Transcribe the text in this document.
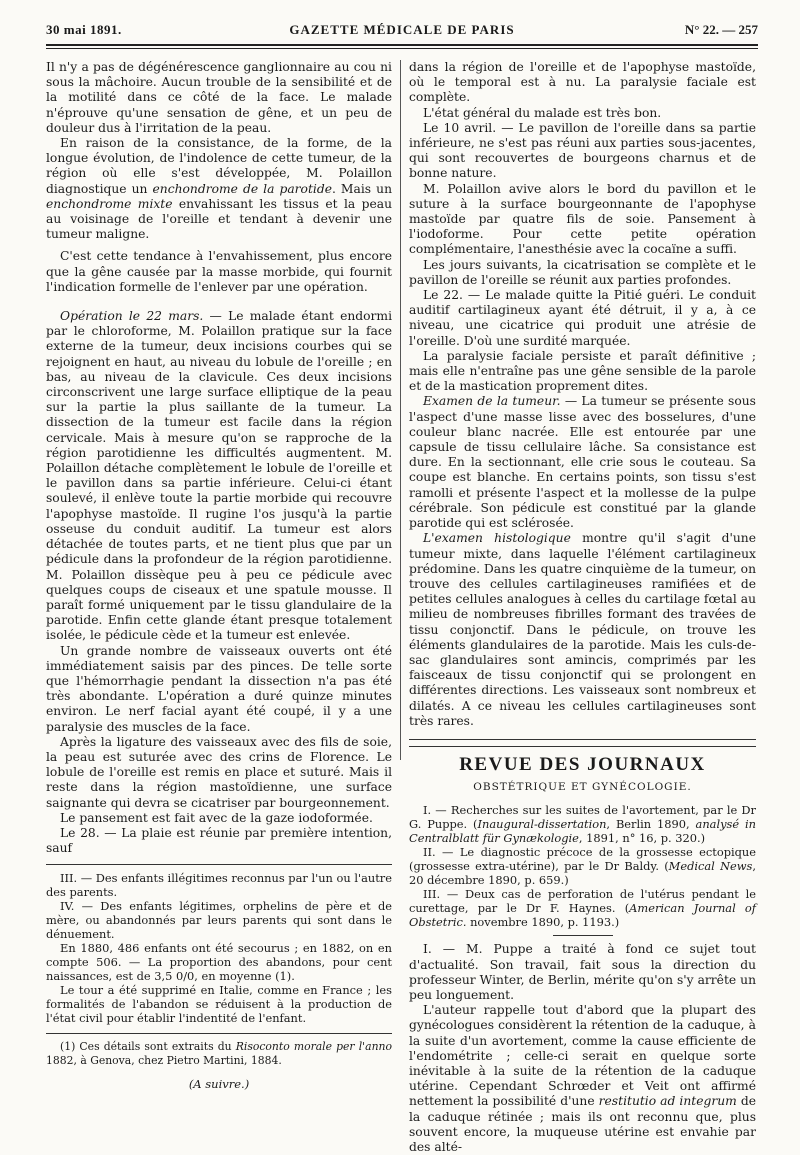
30 mai 1891.	GAZETTE MÉDICALE DE PARIS	N° 22. — 257

Il n'y a pas de dégénérescence ganglionnaire au cou ni sous la mâchoire. Aucun trouble de la sensibilité et de la motilité dans ce côté de la face. Le malade n'éprouve qu'une sensation de gêne, et un peu de douleur dus à l'irritation de la peau.

En raison de la consistance, de la forme, de la longue évolution, de l'indolence de cette tumeur, de la région où elle s'est développée, M. Polaillon diagnostique un enchondrome de la parotide. Mais un enchondrome mixte envahissant les tissus et la peau au voisinage de l'oreille et tendant à devenir une tumeur maligne.

C'est cette tendance à l'envahissement, plus encore que la gêne causée par la masse morbide, qui fournit l'indication formelle de l'enlever par une opération.

Opération le 22 mars. — Le malade étant endormi par le chloroforme, M. Polaillon pratique sur la face externe de la tumeur, deux incisions courbes qui se rejoignent en haut, au niveau du lobule de l'oreille ; en bas, au niveau de la clavicule. Ces deux incisions circonscrivent une large surface elliptique de la peau sur la partie la plus saillante de la tumeur. La dissection de la tumeur est facile dans la région cervicale. Mais à mesure qu'on se rapproche de la région parotidienne les difficultés augmentent. M. Polaillon détache complètement le lobule de l'oreille et le pavillon dans sa partie inférieure. Celui-ci étant soulevé, il enlève toute la partie morbide qui recouvre l'apophyse mastoïde. Il rugine l'os jusqu'à la partie osseuse du conduit auditif. La tumeur est alors détachée de toutes parts, et ne tient plus que par un pédicule dans la profondeur de la région parotidienne. M. Polaillon dissèque peu à peu ce pédicule avec quelques coups de ciseaux et une spatule mousse. Il paraît formé uniquement par le tissu glandulaire de la parotide. Enfin cette glande étant presque totalement isolée, le pédicule cède et la tumeur est enlevée.

Un grande nombre de vaisseaux ouverts ont été immédiatement saisis par des pinces. De telle sorte que l'hémorrhagie pendant la dissection n'a pas été très abondante. L'opération a duré quinze minutes environ. Le nerf facial ayant été coupé, il y a une paralysie des muscles de la face.

Après la ligature des vaisseaux avec des fils de soie, la peau est suturée avec des crins de Florence. Le lobule de l'oreille est remis en place et suturé. Mais il reste dans la région mastoïdienne, une surface saignante qui devra se cicatriser par bourgeonnement.

Le pansement est fait avec de la gaze iodoformée.

Le 28. — La plaie est réunie par première intention, sauf

III. — Des enfants illégitimes reconnus par l'un ou l'autre des parents.

IV. — Des enfants légitimes, orphelins de père et de mère, ou abandonnés par leurs parents qui sont dans le dénuement.

En 1880, 486 enfants ont été secourus ; en 1882, on en compte 506. — La proportion des abandons, pour cent naissances, est de 3,5 0/0, en moyenne (1).

Le tour a été supprimé en Italie, comme en France ; les formalités de l'abandon se réduisent à la production de l'état civil pour établir l'indentité de l'enfant.

(1) Ces détails sont extraits du Risoconto morale per l'anno 1882, à Genova, chez Pietro Martini, 1884.

(A suivre.)

dans la région de l'oreille et de l'apophyse mastoïde, où le temporal est à nu. La paralysie faciale est complète.

L'état général du malade est très bon.

Le 10 avril. — Le pavillon de l'oreille dans sa partie inférieure, ne s'est pas réuni aux parties sous-jacentes, qui sont recouvertes de bourgeons charnus et de bonne nature.

M. Polaillon avive alors le bord du pavillon et le suture à la surface bourgeonnante de l'apophyse mastoïde par quatre fils de soie. Pansement à l'iodoforme. Pour cette petite opération complémentaire, l'anesthésie avec la cocaïne a suffi.

Les jours suivants, la cicatrisation se complète et le pavillon de l'oreille se réunit aux parties profondes.

Le 22. — Le malade quitte la Pitié guéri. Le conduit auditif cartilagineux ayant été détruit, il y a, à ce niveau, une cicatrice qui produit une atrésie de l'oreille. D'où une surdité marquée.

La paralysie faciale persiste et paraît définitive ; mais elle n'entraîne pas une gêne sensible de la parole et de la mastication proprement dites.

Examen de la tumeur. — La tumeur se présente sous l'aspect d'une masse lisse avec des bosselures, d'une couleur blanc nacrée. Elle est entourée par une capsule de tissu cellulaire lâche. Sa consistance est dure. En la sectionnant, elle crie sous le couteau. Sa coupe est blanche. En certains points, son tissu s'est ramolli et présente l'aspect et la mollesse de la pulpe cérébrale. Son pédicule est constitué par la glande parotide qui est sclérosée.

L'examen histologique montre qu'il s'agit d'une tumeur mixte, dans laquelle l'élément cartilagineux prédomine. Dans les quatre cinquième de la tumeur, on trouve des cellules cartilagineuses ramifiées et de petites cellules analogues à celles du cartilage fœtal au milieu de nombreuses fibrilles formant des travées de tissu conjonctif. Dans le pédicule, on trouve les éléments glandulaires de la parotide. Mais les culs-de-sac glandulaires sont amincis, comprimés par les faisceaux de tissu conjonctif qui se prolongent en différentes directions. Les vaisseaux sont nombreux et dilatés. A ce niveau les cellules cartilagineuses sont très rares.

REVUE DES JOURNAUX
OBSTÉTRIQUE ET GYNÉCOLOGIE.

I. — Recherches sur les suites de l'avortement, par le Dr G. Puppe. (Inaugural-dissertation, Berlin 1890, analysé in Centralblatt für Gynækologie, 1891, n° 16, p. 320.)

II. — Le diagnostic précoce de la grossesse ectopique (grossesse extra-utérine), par le Dr Baldy. (Medical News, 20 décembre 1890, p. 659.)

III. — Deux cas de perforation de l'utérus pendant le curettage, par le Dr F. Haynes. (American Journal of Obstetric. novembre 1890, p. 1193.)

I. — M. Puppe a traité à fond ce sujet tout d'actualité. Son travail, fait sous la direction du professeur Winter, de Berlin, mérite qu'on s'y arrête un peu longuement.

L'auteur rappelle tout d'abord que la plupart des gynécologues considèrent la rétention de la caduque, à la suite d'un avortement, comme la cause efficiente de l'endométrite ; celle-ci serait en quelque sorte inévitable à la suite de la rétention de la caduque utérine. Cependant Schrœder et Veit ont affirmé nettement la possibilité d'une restitutio ad integrum de la caduque rétinée ; mais ils ont reconnu que, plus souvent encore, la muqueuse utérine est envahie par des alté-
